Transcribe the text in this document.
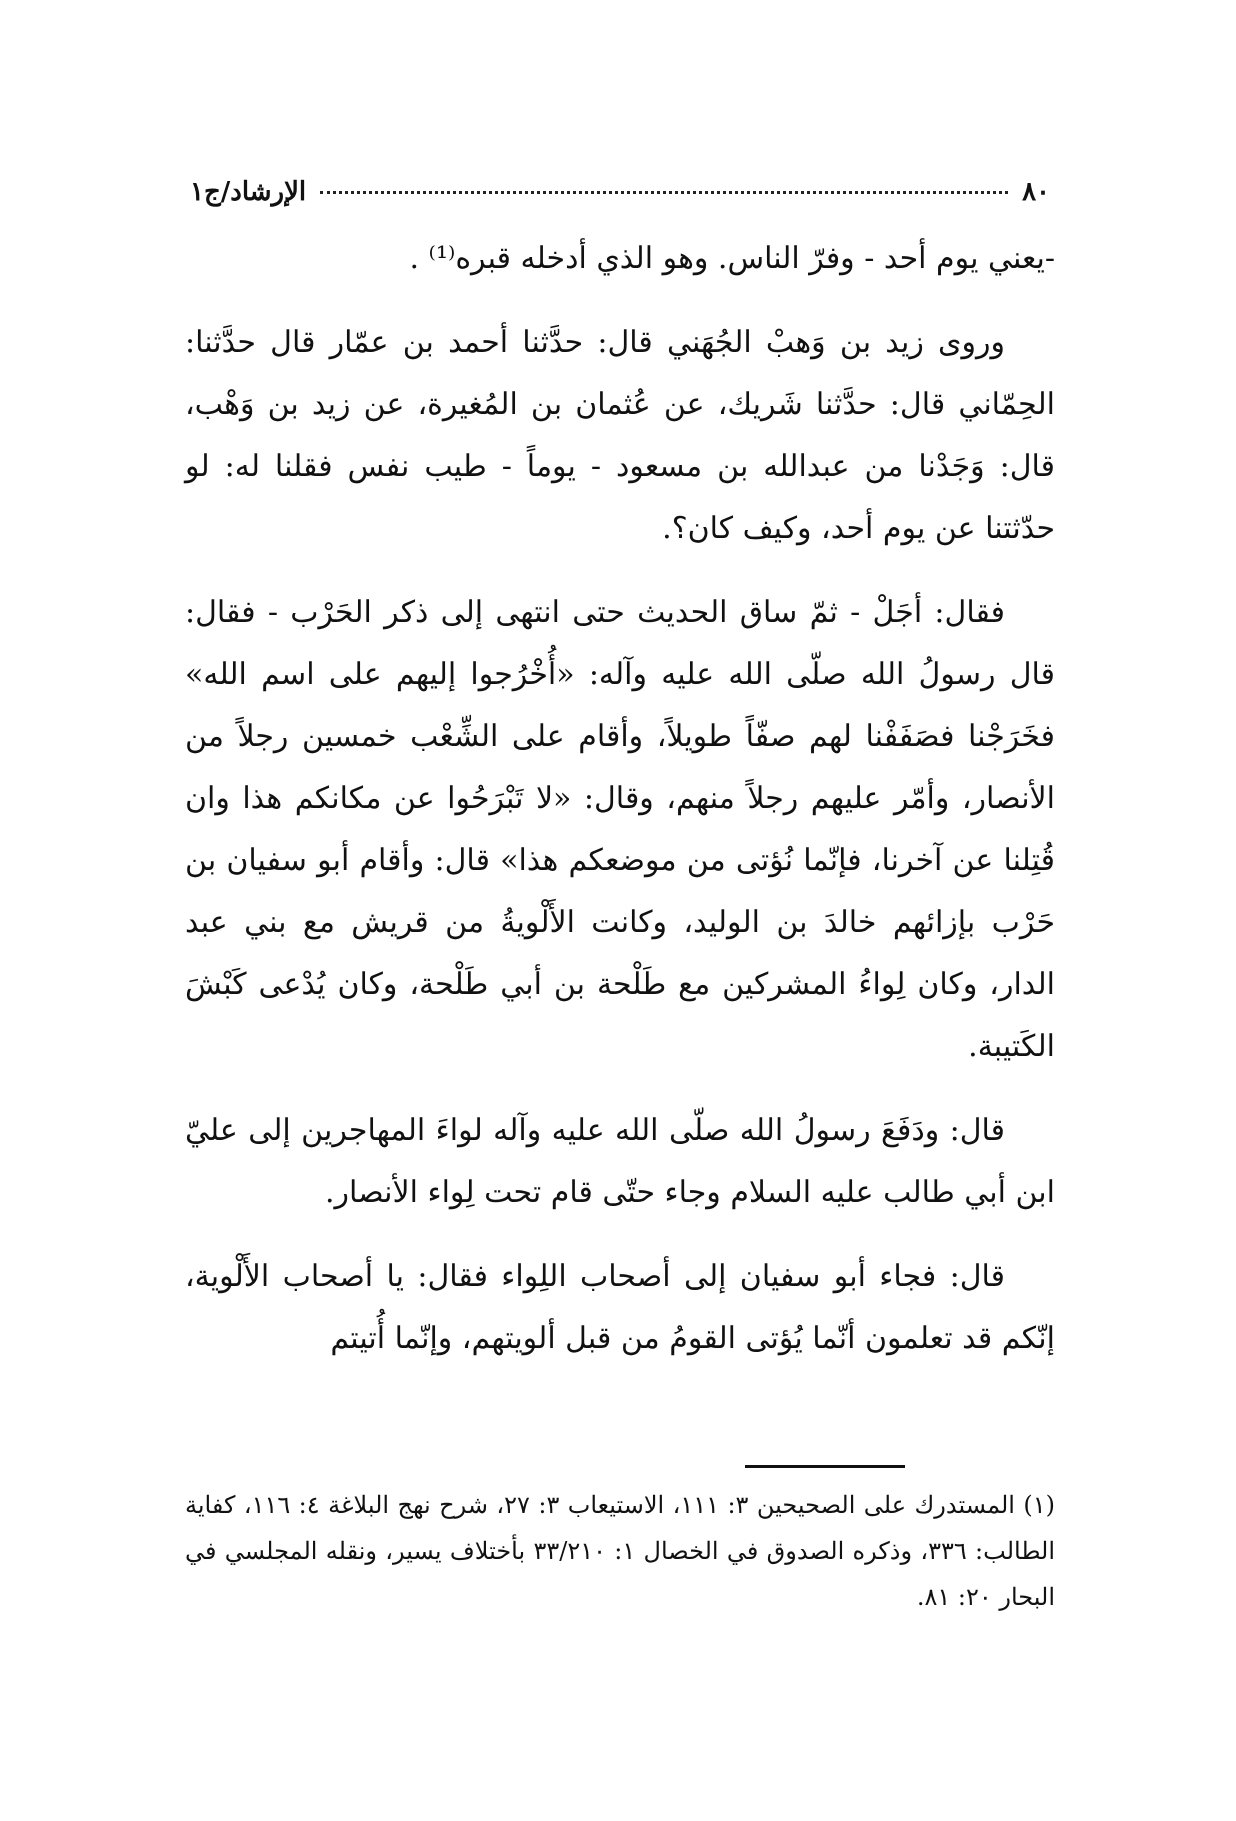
٨٠
الإرشاد/ج١

-يعني يوم أحد - وفرّ الناس. وهو الذي أدخله قبره⁽¹⁾ .

وروى زيد بن وَهبْ الجُهَني قال: حدَّثنا أحمد بن عمّار قال حدَّثنا: الحِمّاني قال: حدَّثنا شَريك، عن عُثمان بن المُغيرة، عن زيد بن وَهْب، قال: وَجَدْنا من عبدالله بن مسعود - يوماً - طيب نفس فقلنا له: لو حدّثتنا عن يوم أحد، وكيف كان؟.

فقال: أجَلْ - ثمّ ساق الحديث حتى انتهى إلى ذكر الحَرْب - فقال: قال رسولُ الله صلّى الله عليه وآله: «أُخْرُجوا إليهم على اسم الله» فخَرَجْنا فصَفَفْنا لهم صفّاً طويلاً، وأقام على الشِّعْب خمسين رجلاً من الأنصار، وأمّر عليهم رجلاً منهم، وقال: «لا تَبْرَحُوا عن مكانكم هذا وان قُتِلنا عن آخرنا، فإنّما نُؤتى من موضعكم هذا» قال: وأقام أبو سفيان بن حَرْب بإزائهم خالدَ بن الوليد، وكانت الأَلْويةُ من قريش مع بني عبد الدار، وكان لِواءُ المشركين مع طَلْحة بن أبي طَلْحة، وكان يُدْعى كَبْشَ الكَتيبة.

قال: ودَفَعَ رسولُ الله صلّى الله عليه وآله لواءَ المهاجرين إلى عليّ ابن أبي طالب عليه السلام وجاء حتّى قام تحت لِواء الأنصار.

قال: فجاء أبو سفيان إلى أصحاب اللِواء فقال: يا أصحاب الأَلْوية، إنّكم قد تعلمون أنّما يُؤتى القومُ من قبل ألويتهم، وإنّما أُتيتم

(١) المستدرك على الصحيحين ٣: ١١١، الاستيعاب ٣: ٢٧، شرح نهج البلاغة ٤: ١١٦، كفاية الطالب: ٣٣٦، وذكره الصدوق في الخصال ١: ٣٣/٢١٠ بأختلاف يسير، ونقله المجلسي في البحار ٢٠: ٨١.
